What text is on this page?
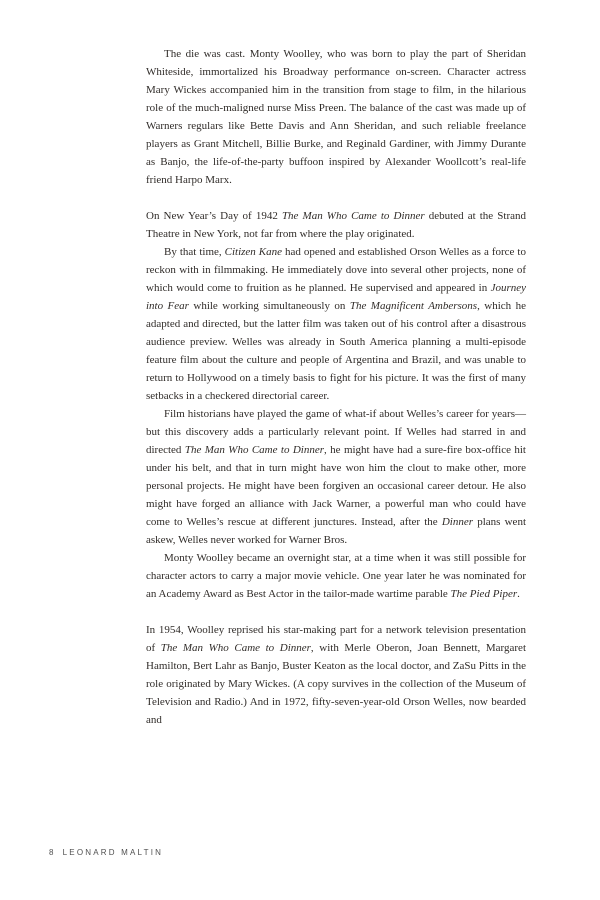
The die was cast. Monty Woolley, who was born to play the part of Sheridan Whiteside, immortalized his Broadway performance on-screen. Character actress Mary Wickes accompanied him in the transition from stage to film, in the hilarious role of the much-maligned nurse Miss Preen. The balance of the cast was made up of Warners regulars like Bette Davis and Ann Sheridan, and such reliable freelance players as Grant Mitchell, Billie Burke, and Reginald Gardiner, with Jimmy Durante as Banjo, the life-of-the-party buffoon inspired by Alexander Woollcott’s real-life friend Harpo Marx.

On New Year’s Day of 1942 The Man Who Came to Dinner debuted at the Strand Theatre in New York, not far from where the play originated.

By that time, Citizen Kane had opened and established Orson Welles as a force to reckon with in filmmaking. He immediately dove into several other projects, none of which would come to fruition as he planned. He supervised and appeared in Journey into Fear while working simultaneously on The Magnificent Ambersons, which he adapted and directed, but the latter film was taken out of his control after a disastrous audience preview. Welles was already in South America planning a multi-episode feature film about the culture and people of Argentina and Brazil, and was unable to return to Hollywood on a timely basis to fight for his picture. It was the first of many setbacks in a checkered directorial career.

Film historians have played the game of what-if about Welles’s career for years—but this discovery adds a particularly relevant point. If Welles had starred in and directed The Man Who Came to Dinner, he might have had a sure-fire box-office hit under his belt, and that in turn might have won him the clout to make other, more personal projects. He might have been forgiven an occasional career detour. He also might have forged an alliance with Jack Warner, a powerful man who could have come to Welles’s rescue at different junctures. Instead, after the Dinner plans went askew, Welles never worked for Warner Bros.

Monty Woolley became an overnight star, at a time when it was still possible for character actors to carry a major movie vehicle. One year later he was nominated for an Academy Award as Best Actor in the tailor-made wartime parable The Pied Piper.

In 1954, Woolley reprised his star-making part for a network television presentation of The Man Who Came to Dinner, with Merle Oberon, Joan Bennett, Margaret Hamilton, Bert Lahr as Banjo, Buster Keaton as the local doctor, and ZaSu Pitts in the role originated by Mary Wickes. (A copy survives in the collection of the Museum of Television and Radio.) And in 1972, fifty-seven-year-old Orson Welles, now bearded and

8 LEONARD MALTIN
